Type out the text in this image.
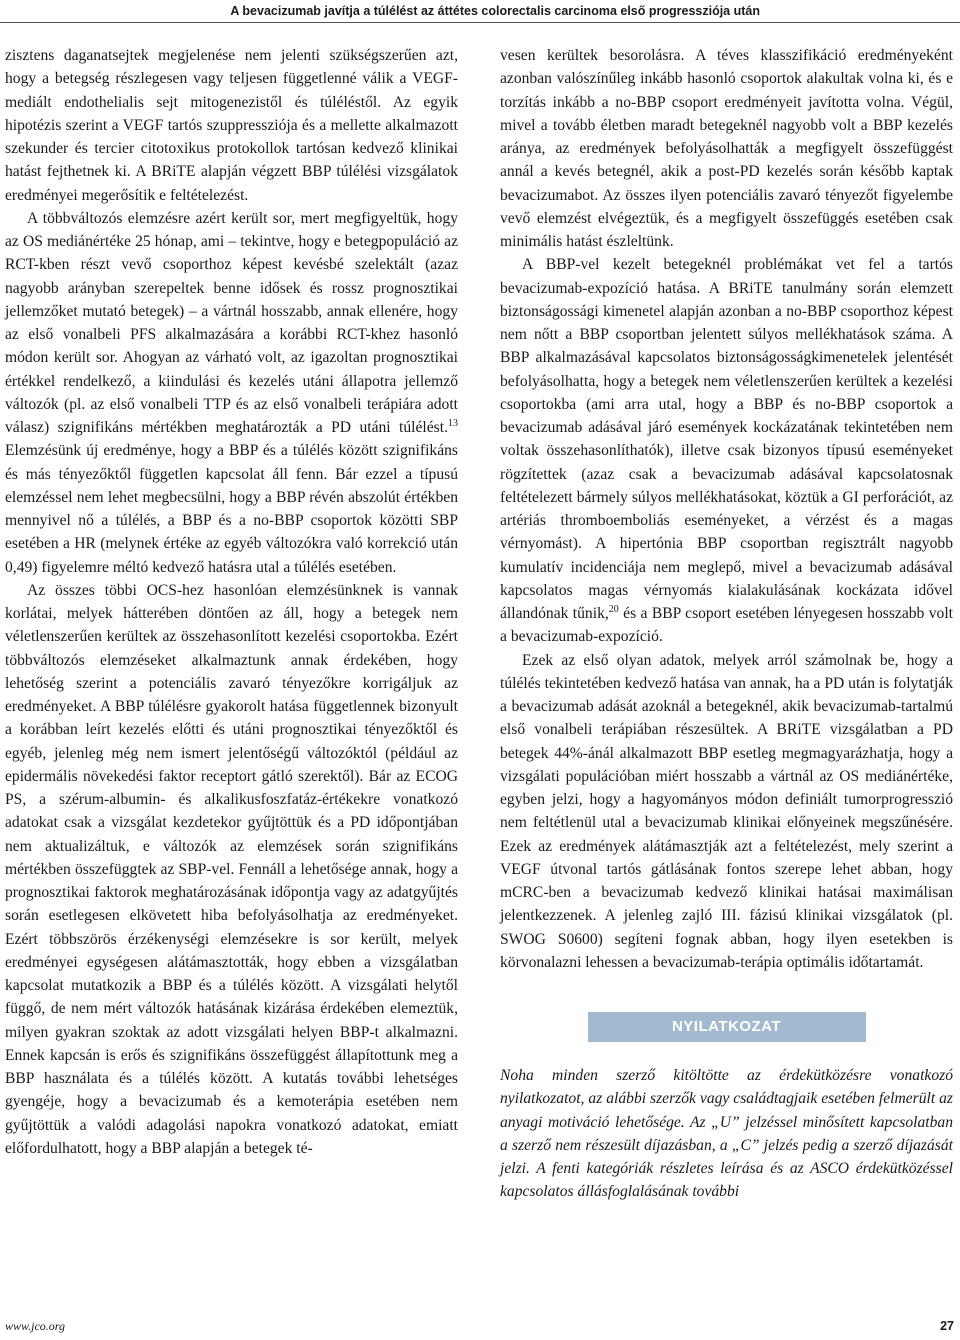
A bevacizumab javítja a túlélést az áttétes colorectalis carcinoma első progressziója után

zisztens daganatsejtek megjelenése nem jelenti szükségszerűen azt, hogy a betegség részlegesen vagy teljesen függetlenné válik a VEGF-mediált endothelialis sejt mitogenezistől és túléléstől. Az egyik hipotézis szerint a VEGF tartós szuppressziója és a mellette alkalmazott szekunder és tercier citotoxikus protokollok tartósan kedvező klinikai hatást fejthetnek ki. A BRiTE alapján végzett BBP túlélési vizsgálatok eredményei megerősítik e feltételezést.

A többváltozós elemzésre azért került sor, mert megfigyeltük, hogy az OS mediánértéke 25 hónap, ami – tekintve, hogy e betegpopuláció az RCT-kben részt vevő csoporthoz képest kevésbé szelektált (azaz nagyobb arányban szerepeltek benne idősek és rossz prognosztikai jellemzőket mutató betegek) – a vártnál hosszabb, annak ellenére, hogy az első vonalbeli PFS alkalmazására a korábbi RCT-khez hasonló módon került sor. Ahogyan az várható volt, az igazoltan prognosztikai értékkel rendelkező, a kiindulási és kezelés utáni állapotra jellemző változók (pl. az első vonalbeli TTP és az első vonalbeli terápiára adott válasz) szignifikáns mértékben meghatározták a PD utáni túlélést.$^{13}$ Elemzésünk új eredménye, hogy a BBP és a túlélés között szignifikáns és más tényezőktől független kapcsolat áll fenn. Bár ezzel a típusú elemzéssel nem lehet megbecsülni, hogy a BBP révén abszolút értékben mennyivel nő a túlélés, a BBP és a no-BBP csoportok közötti SBP esetében a HR (melynek értéke az egyéb változókra való korrekció után 0,49) figyelemre méltó kedvező hatásra utal a túlélés esetében.

Az összes többi OCS-hez hasonlóan elemzésünknek is vannak korlátai, melyek hátterében döntően az áll, hogy a betegek nem véletlenszerűen kerültek az összehasonlított kezelési csoportokba. Ezért többváltozós elemzéseket alkalmaztunk annak érdekében, hogy lehetőség szerint a potenciális zavaró tényezőkre korrigáljuk az eredményeket. A BBP túlélésre gyakorolt hatása függetlennek bizonyult a korábban leírt kezelés előtti és utáni prognosztikai tényezőktől és egyéb, jelenleg még nem ismert jelentőségű változóktól (például az epidermális növekedési faktor receptort gátló szerektől). Bár az ECOG PS, a szérum-albumin- és alkalikusfoszfatáz-értékekre vonatkozó adatokat csak a vizsgálat kezdetekor gyűjtöttük és a PD időpontjában nem aktualizáltuk, e változók az elemzések során szignifikáns mértékben összefüggtek az SBP-vel. Fennáll a lehetősége annak, hogy a prognosztikai faktorok meghatározásának időpontja vagy az adatgyűjtés során esetlegesen elkövetett hiba befolyásolhatja az eredményeket. Ezért többszörös érzékenységi elemzésekre is sor került, melyek eredményei egységesen alátámasztották, hogy ebben a vizsgálatban kapcsolat mutatkozik a BBP és a túlélés között. A vizsgálati helytől függő, de nem mért változók hatásának kizárása érdekében elemeztük, milyen gyakran szoktak az adott vizsgálati helyen BBP-t alkalmazni. Ennek kapcsán is erős és szignifikáns összefüggést állapítottunk meg a BBP használata és a túlélés között. A kutatás további lehetséges gyengéje, hogy a bevacizumab és a kemoterápia esetében nem gyűjtöttük a valódi adagolási napokra vonatkozó adatokat, emiatt előfordulhatott, hogy a BBP alapján a betegek té-

vesen kerültek besorolásra. A téves klasszifikáció eredményeként azonban valószínűleg inkább hasonló csoportok alakultak volna ki, és e torzítás inkább a no-BBP csoport eredményeit javította volna. Végül, mivel a tovább életben maradt betegeknél nagyobb volt a BBP kezelés aránya, az eredmények befolyásolhatták a megfigyelt összefüggést annál a kevés betegnél, akik a post-PD kezelés során később kaptak bevacizumabot. Az összes ilyen potenciális zavaró tényezőt figyelembe vevő elemzést elvégeztük, és a megfigyelt összefüggés esetében csak minimális hatást észleltünk.

A BBP-vel kezelt betegeknél problémákat vet fel a tartós bevacizumab-expozíció hatása. A BRiTE tanulmány során elemzett biztonságossági kimenetel alapján azonban a no-BBP csoporthoz képest nem nőtt a BBP csoportban jelentett súlyos mellékhatások száma. A BBP alkalmazásával kapcsolatos biztonságosságkimenetelek jelentését befolyásolhatta, hogy a betegek nem véletlenszerűen kerültek a kezelési csoportokba (ami arra utal, hogy a BBP és no-BBP csoportok a bevacizumab adásával járó események kockázatának tekintetében nem voltak összehasonlíthatók), illetve csak bizonyos típusú eseményeket rögzítettek (azaz csak a bevacizumab adásával kapcsolatosnak feltételezett bármely súlyos mellékhatásokat, köztük a GI perforációt, az artériás thromboemboliás eseményeket, a vérzést és a magas vérnyomást). A hipertónia BBP csoportban regisztrált nagyobb kumulatív incidenciája nem meglepő, mivel a bevacizumab adásával kapcsolatos magas vérnyomás kialakulásának kockázata idővel állandónak tűnik,$^{20}$ és a BBP csoport esetében lényegesen hosszabb volt a bevacizumab-expozíció.

Ezek az első olyan adatok, melyek arról számolnak be, hogy a túlélés tekintetében kedvező hatása van annak, ha a PD után is folytatják a bevacizumab adását azoknál a betegeknél, akik bevacizumab-tartalmú első vonalbeli terápiában részesültek. A BRiTE vizsgálatban a PD betegek 44%-ánál alkalmazott BBP esetleg megmagyarázhatja, hogy a vizsgálati populációban miért hosszabb a vártnál az OS mediánértéke, egyben jelzi, hogy a hagyományos módon definiált tumorprogresszió nem feltétlenül utal a bevacizumab klinikai előnyeinek megszűnésére. Ezek az eredmények alátámasztják azt a feltételezést, mely szerint a VEGF útvonal tartós gátlásának fontos szerepe lehet abban, hogy mCRC-ben a bevacizumab kedvező klinikai hatásai maximálisan jelentkezzenek. A jelenleg zajló III. fázisú klinikai vizsgálatok (pl. SWOG S0600) segíteni fognak abban, hogy ilyen esetekben is körvonalazni lehessen a bevacizumab-terápia optimális időtartamát.

NYILATKOZAT

Noha minden szerző kitöltötte az érdekütközésre vonatkozó nyilatkozatot, az alábbi szerzők vagy családtagjaik esetében felmerült az anyagi motiváció lehetősége. Az „U” jelzéssel minősített kapcsolatban a szerző nem részesült díjazásban, a „C” jelzés pedig a szerző díjazását jelzi. A fenti kategóriák részletes leírása és az ASCO érdekütközéssel kapcsolatos állásfoglalásának további

www.jco.org	27
